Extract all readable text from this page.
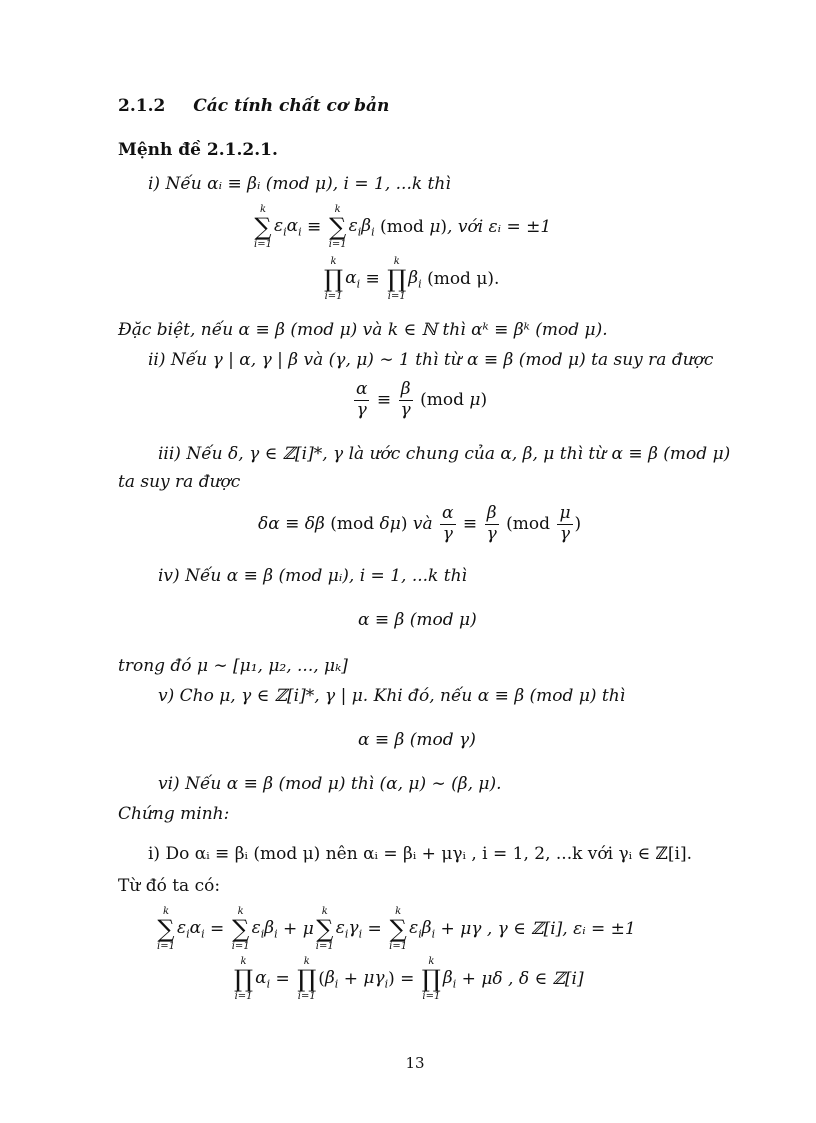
2.1.2 Các tính chất cơ bản
Mệnh đề 2.1.2.1.
i) Nếu αᵢ ≡ βᵢ (mod μ), i = 1, ...k thì
k
∑
i=1
$\varepsilon_i\alpha_i$ ≡
k
∑
i=1
$\varepsilon_i\beta_i$ (mod μ ) , với εᵢ = ±1
k
∏
i=1
$\alpha_i$ ≡
k
∏
i=1
$\beta_i$
(mod μ).
Đặc biệt, nếu α ≡ β (mod μ) và k ∈ ℕ thì αᵏ ≡ βᵏ (mod μ).
ii) Nếu γ | α, γ | β và (γ, μ) ∼ 1 thì từ α ≡ β (mod μ) ta suy ra được
$\frac{\alpha}{\gamma} \equiv \frac{\beta}{\gamma} (mod$ μ )
iii) Nếu δ, γ ∈ ℤ[i]*, γ là ước chung của α, β, μ thì từ α ≡ β (mod μ)
ta suy ra được
δα ≡ δβ (mod δμ ) và
$\frac{\alpha}{\gamma} \equiv \frac{\beta}{\gamma} (mod \frac{\mu}{\gamma}$ )
iv) Nếu α ≡ β (mod μᵢ), i = 1, ...k thì
α ≡ β (mod μ)
trong đó μ ∼ [μ₁, μ₂, ..., μₖ]
v) Cho μ, γ ∈ ℤ[i]*, γ | μ. Khi đó, nếu α ≡ β (mod μ) thì
α ≡ β (mod γ)
vi) Nếu α ≡ β (mod μ) thì (α, μ) ∼ (β, μ).
Chứng minh:
i) Do αᵢ ≡ βᵢ (mod μ) nên αᵢ = βᵢ + μγᵢ , i = 1, 2, ...k với γᵢ ∈ ℤ[i].
Từ đó ta có:
k
∑
i=1
$\varepsilon_i\alpha_i$ =
k
∑
i=1
$\varepsilon_i\beta_i + \mu$
k
∑
i=1
$\varepsilon_i\gamma_i$ =
k
∑
i=1
$\varepsilon_i\beta_i + \mu\gamma$
, γ ∈ ℤ[i], εᵢ = ±1
k
∏
i=1
$\alpha_i$ =
k
∏
i=1
( $\beta_i + \mu\gamma_i$ ) =
k
∏
i=1
$\beta_i + \mu\delta$
, δ ∈ ℤ[i]
13
